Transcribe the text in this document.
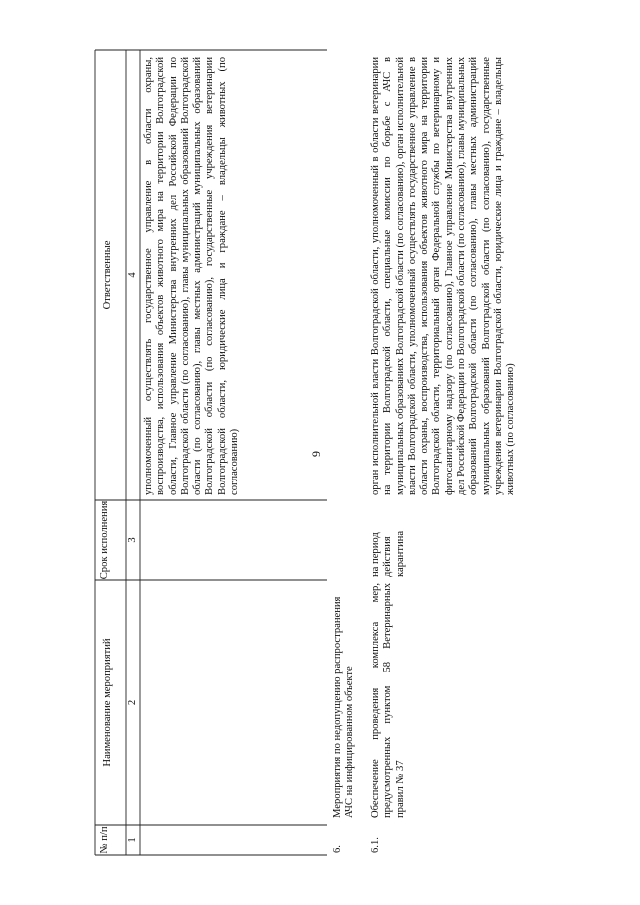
9
№ п/п
Наименование мероприятий
Срок исполнения
Ответственные
1
2
3
4 уполномоченный осуществлять государственное управление в области охраны, воспроизводства, использования объектов животного мира на территории Волгоградской области, Главное управление Министерства внутренних дел Российской Федерации по Волгоградской области (по согласованию), главы муниципальных образований Волгоградской области (по согласованию), главы местных администраций муниципальных образований Волгоградской области (по согласованию), государственные учреждения ветеринарии Волгоградской области, юридические лица и граждане – владельцы животных (по согласованию)
6.
Мероприятия по недопущению распространения АЧС на инфицированном объекте
6.1.
Обеспечение проведения комплекса мер, предусмотренных пунктом 58 Ветеринарных правил № 37
на период действия карантина
орган исполнительной власти Волгоградской области, уполномоченный в области ветеринарии на территории Волгоградской области, специальные комиссии по борьбе с АЧС в муниципальных образованиях Волгоградской области (по согласованию), орган исполнительной власти Волгоградской области, уполномоченный осуществлять государственное управление в области охраны, воспроизводства, использования объектов животного мира на территории Волгоградской области, территориальный орган Федеральной службы по ветеринарному и фитосанитарному надзору (по согласованию), Главное управление Министерства внутренних дел Российской Федерации по Волгоградской области (по согласованию), главы муниципальных образований Волгоградской области (по согласованию), главы местных администраций муниципальных образований Волгоградской области (по согласованию), государственные учреждения ветеринарии Волгоградской области, юридические лица и граждане – владельцы животных (по согласованию)
